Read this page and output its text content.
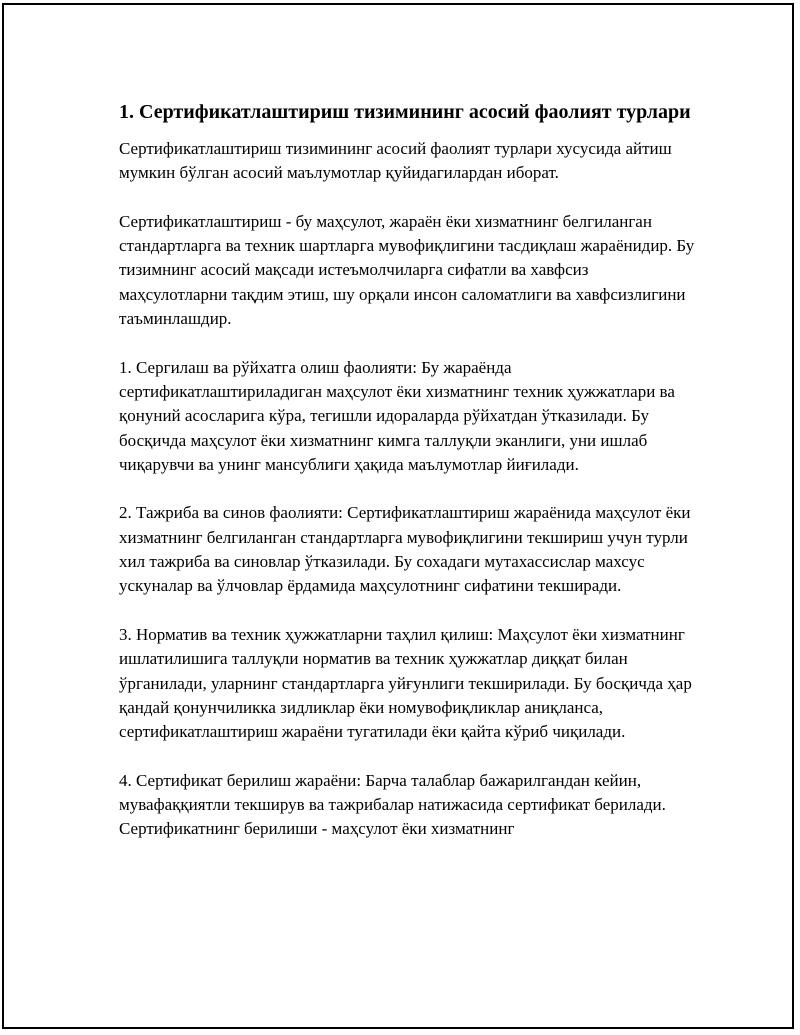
1. Сертификатлаштириш тизимининг асосий фаолият турлари

Сертификатлаштириш тизимининг асосий фаолият турлари хусусида айтиш мумкин бўлган асосий маълумотлар қуйидагилардан иборат.

Сертификатлаштириш - бу маҳсулот, жараён ёки хизматнинг белгиланган стандартларга ва техник шартларга мувофиқлигини тасдиқлаш жараёнидир. Бу тизимнинг асосий мақсади истеъмолчиларга сифатли ва хавфсиз маҳсулотларни тақдим этиш, шу орқали инсон саломатлиги ва хавфсизлигини таъминлашдир.

1. Сергилаш ва рўйхатга олиш фаолияти: Бу жараёнда сертификатлаштириладиган маҳсулот ёки хизматнинг техник ҳужжатлари ва қонуний асосларига кўра, тегишли идораларда рўйхатдан ўтказилади. Бу босқичда маҳсулот ёки хизматнинг кимга таллуқли эканлиги, уни ишлаб чиқарувчи ва унинг мансублиги ҳақида маълумотлар йиғилади.

2. Тажриба ва синов фаолияти: Сертификатлаштириш жараёнида маҳсулот ёки хизматнинг белгиланган стандартларга мувофиқлигини текшириш учун турли хил тажриба ва синовлар ўтказилади. Бу сохадаги мутахассислар махсус ускуналар ва ўлчовлар ёрдамида маҳсулотнинг сифатини текширади.

3. Норматив ва техник ҳужжатларни таҳлил қилиш: Маҳсулот ёки хизматнинг ишлатилишига таллуқли норматив ва техник ҳужжатлар диққат билан ўрганилади, уларнинг стандартларга уйғунлиги текширилади. Бу босқичда ҳар қандай қонунчиликка зидликлар ёки номувофиқликлар аниқланса, сертификатлаштириш жараёни тугатилади ёки қайта кўриб чиқилади.

4. Сертификат берилиш жараёни: Барча талаблар бажарилгандан кейин, мувафаққиятли текширув ва тажрибалар натижасида сертификат берилади. Сертификатнинг берилиши - маҳсулот ёки хизматнинг
